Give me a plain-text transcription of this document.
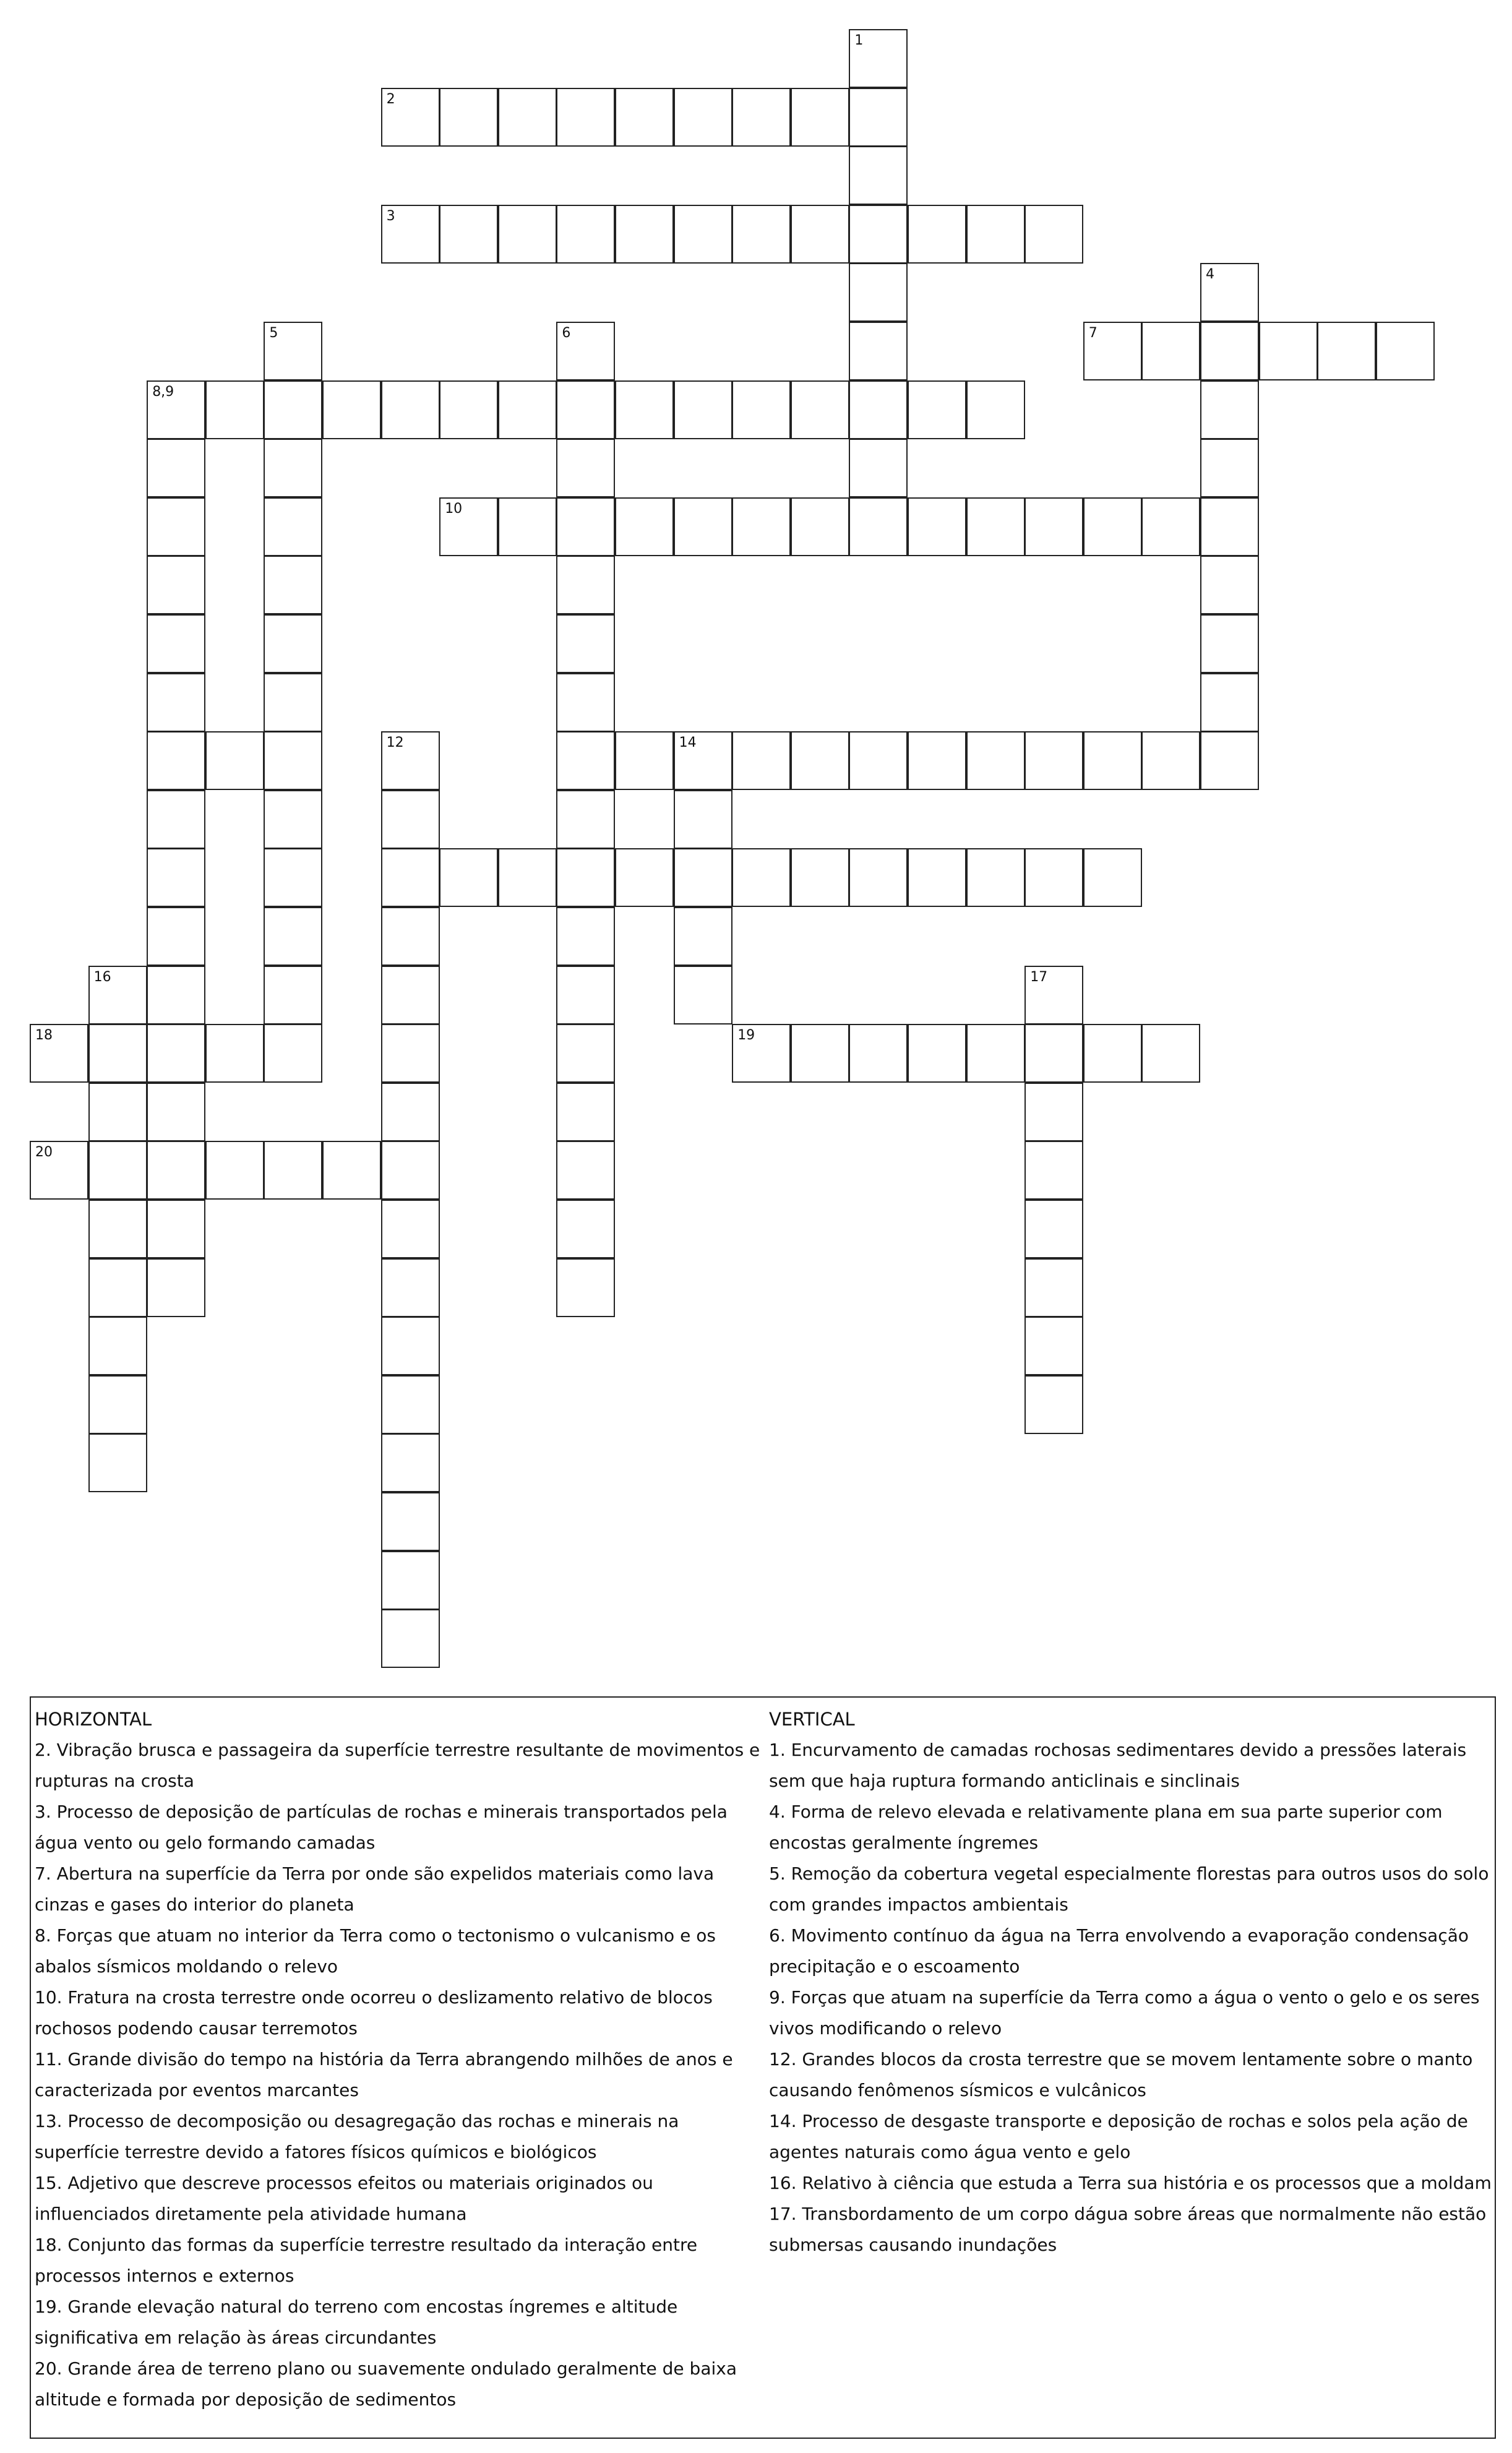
1
2
3
4
7
5	6
8,9
10
12	14
16	17
18	19
20
HORIZONTAL

2. Vibração brusca e passageira da superfície terrestre resultante de movimentos e rupturas na crosta

3. Processo de deposição de partículas de rochas e minerais transportados pela água vento ou gelo formando camadas

7. Abertura na superfície da Terra por onde são expelidos materiais como lava cinzas e gases do interior do planeta

8. Forças que atuam no interior da Terra como o tectonismo o vulcanismo e os abalos sísmicos moldando o relevo

10. Fratura na crosta terrestre onde ocorreu o deslizamento relativo de blocos rochosos podendo causar terremotos

11. Grande divisão do tempo na história da Terra abrangendo milhões de anos e caracterizada por eventos marcantes

13. Processo de decomposição ou desagregação das rochas e minerais na superfície terrestre devido a fatores físicos químicos e biológicos

15. Adjetivo que descreve processos efeitos ou materiais originados ou influenciados diretamente pela atividade humana

18. Conjunto das formas da superfície terrestre resultado da interação entre processos internos e externos

19. Grande elevação natural do terreno com encostas íngremes e altitude significativa em relação às áreas circundantes

20. Grande área de terreno plano ou suavemente ondulado geralmente de baixa altitude e formada por deposição de sedimentos

VERTICAL

1. Encurvamento de camadas rochosas sedimentares devido a pressões laterais sem que haja ruptura formando anticlinais e sinclinais

4. Forma de relevo elevada e relativamente plana em sua parte superior com encostas geralmente íngremes

5. Remoção da cobertura vegetal especialmente florestas para outros usos do solo com grandes impactos ambientais

6. Movimento contínuo da água na Terra envolvendo a evaporação condensação precipitação e o escoamento

9. Forças que atuam na superfície da Terra como a água o vento o gelo e os seres vivos modificando o relevo

12. Grandes blocos da crosta terrestre que se movem lentamente sobre o manto causando fenômenos sísmicos e vulcânicos

14. Processo de desgaste transporte e deposição de rochas e solos pela ação de agentes naturais como água vento e gelo

16. Relativo à ciência que estuda a Terra sua história e os processos que a moldam

17. Transbordamento de um corpo dágua sobre áreas que normalmente não estão submersas causando inundações
